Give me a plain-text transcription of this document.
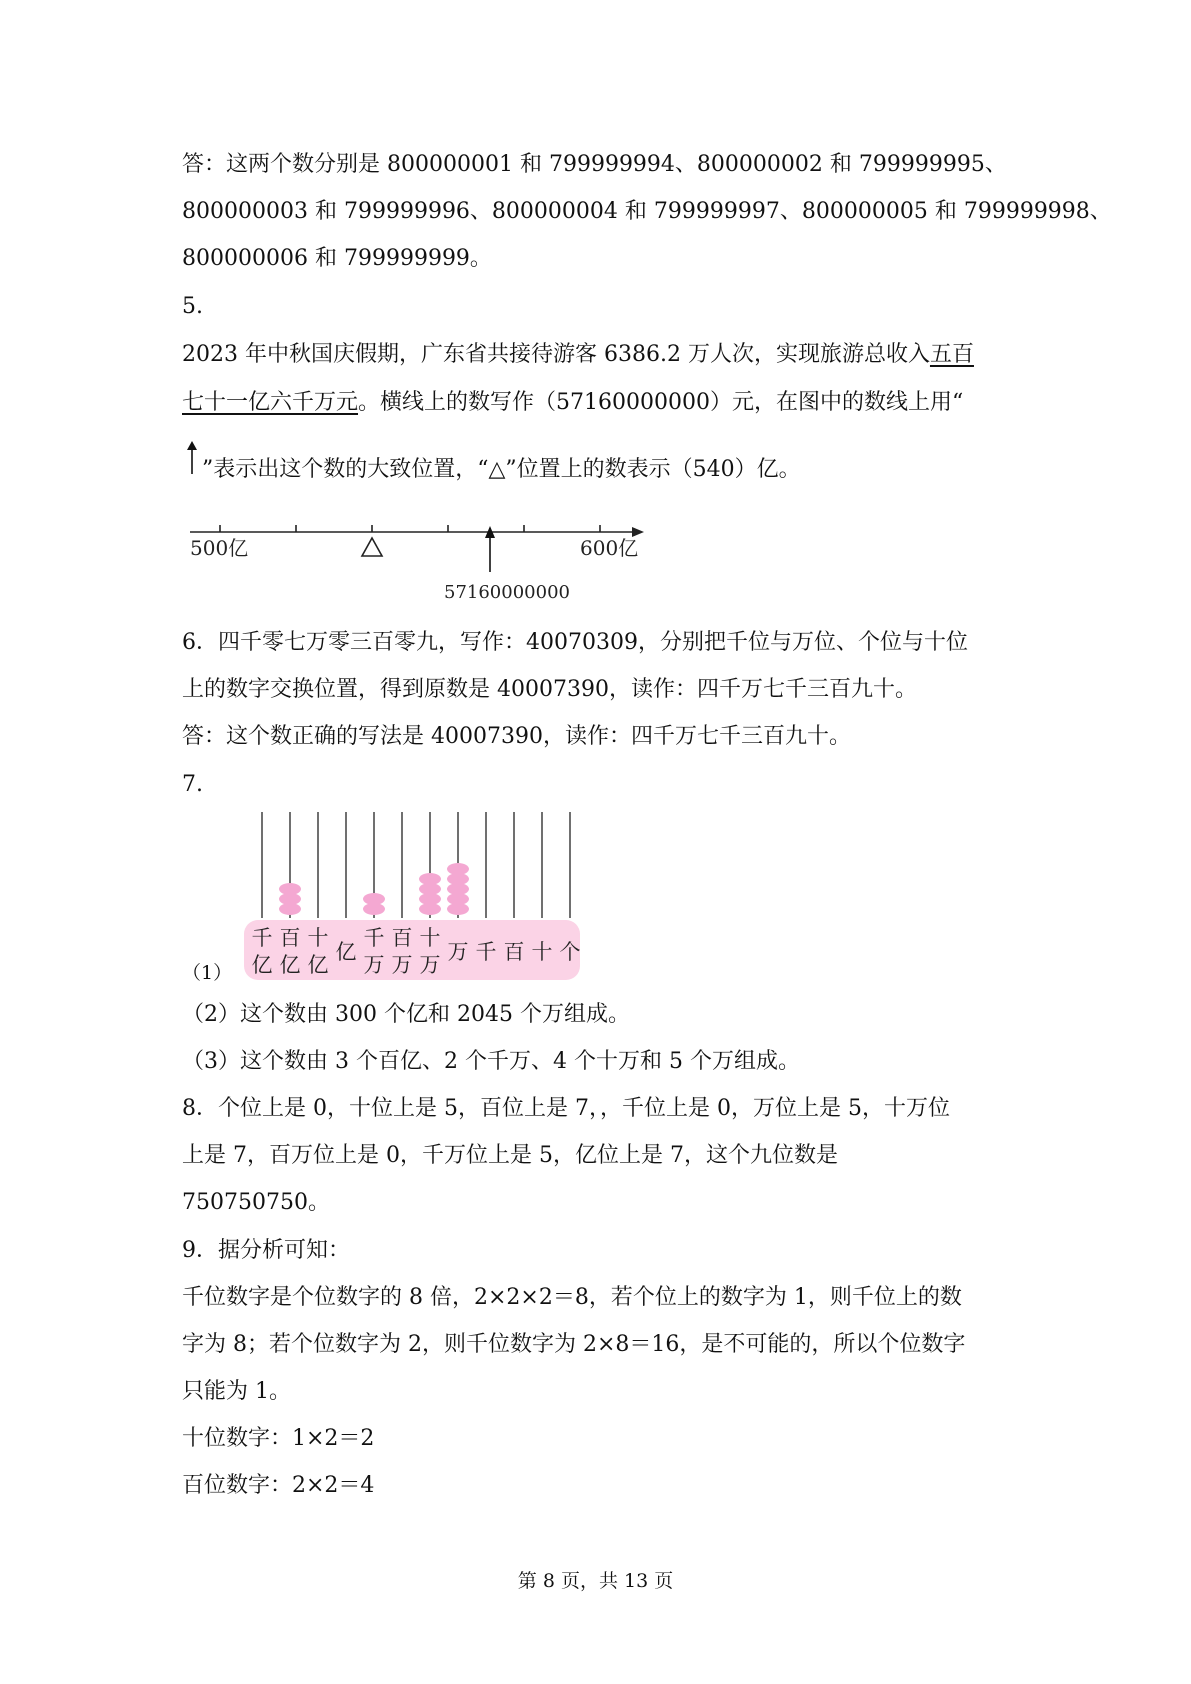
答：这两个数分别是 800000001 和 799999994、800000002 和 799999995、
800000003 和 799999996、800000004 和 799999997、800000005 和 799999998、
800000006 和 799999999。
5.
2023 年中秋国庆假期，广东省共接待游客 6386.2 万人次，实现旅游总收入五百
七十一亿六千万元。横线上的数写作（57160000000）元，在图中的数线上用“
”表示出这个数的大致位置，“△”位置上的数表示（540）亿。
500亿	600亿
57160000000
6．四千零七万零三百零九，写作：40070309，分别把千位与万位、个位与十位
上的数字交换位置，得到原数是 40007390，读作：四千万七千三百九十。
答：这个数正确的写法是 40007390，读作：四千万七千三百九十。
7.
千
亿
百
亿
十
亿
亿
千
万
百
万
十
万
万 千 百 十 个
（1）
（2）这个数由 300 个亿和 2045 个万组成。
（3）这个数由 3 个百亿、2 个千万、4 个十万和 5 个万组成。
8．个位上是 0，十位上是 5，百位上是 7，，千位上是 0，万位上是 5，十万位
上是 7，百万位上是 0，千万位上是 5，亿位上是 7，这个九位数是
750750750。
9．据分析可知：
千位数字是个位数字的 8 倍，2×2×2＝8，若个位上的数字为 1，则千位上的数
字为 8；若个位数字为 2，则千位数字为 2×8＝16，是不可能的，所以个位数字
只能为 1。
十位数字：1×2＝2
百位数字：2×2＝4
第 8 页，共 13 页
